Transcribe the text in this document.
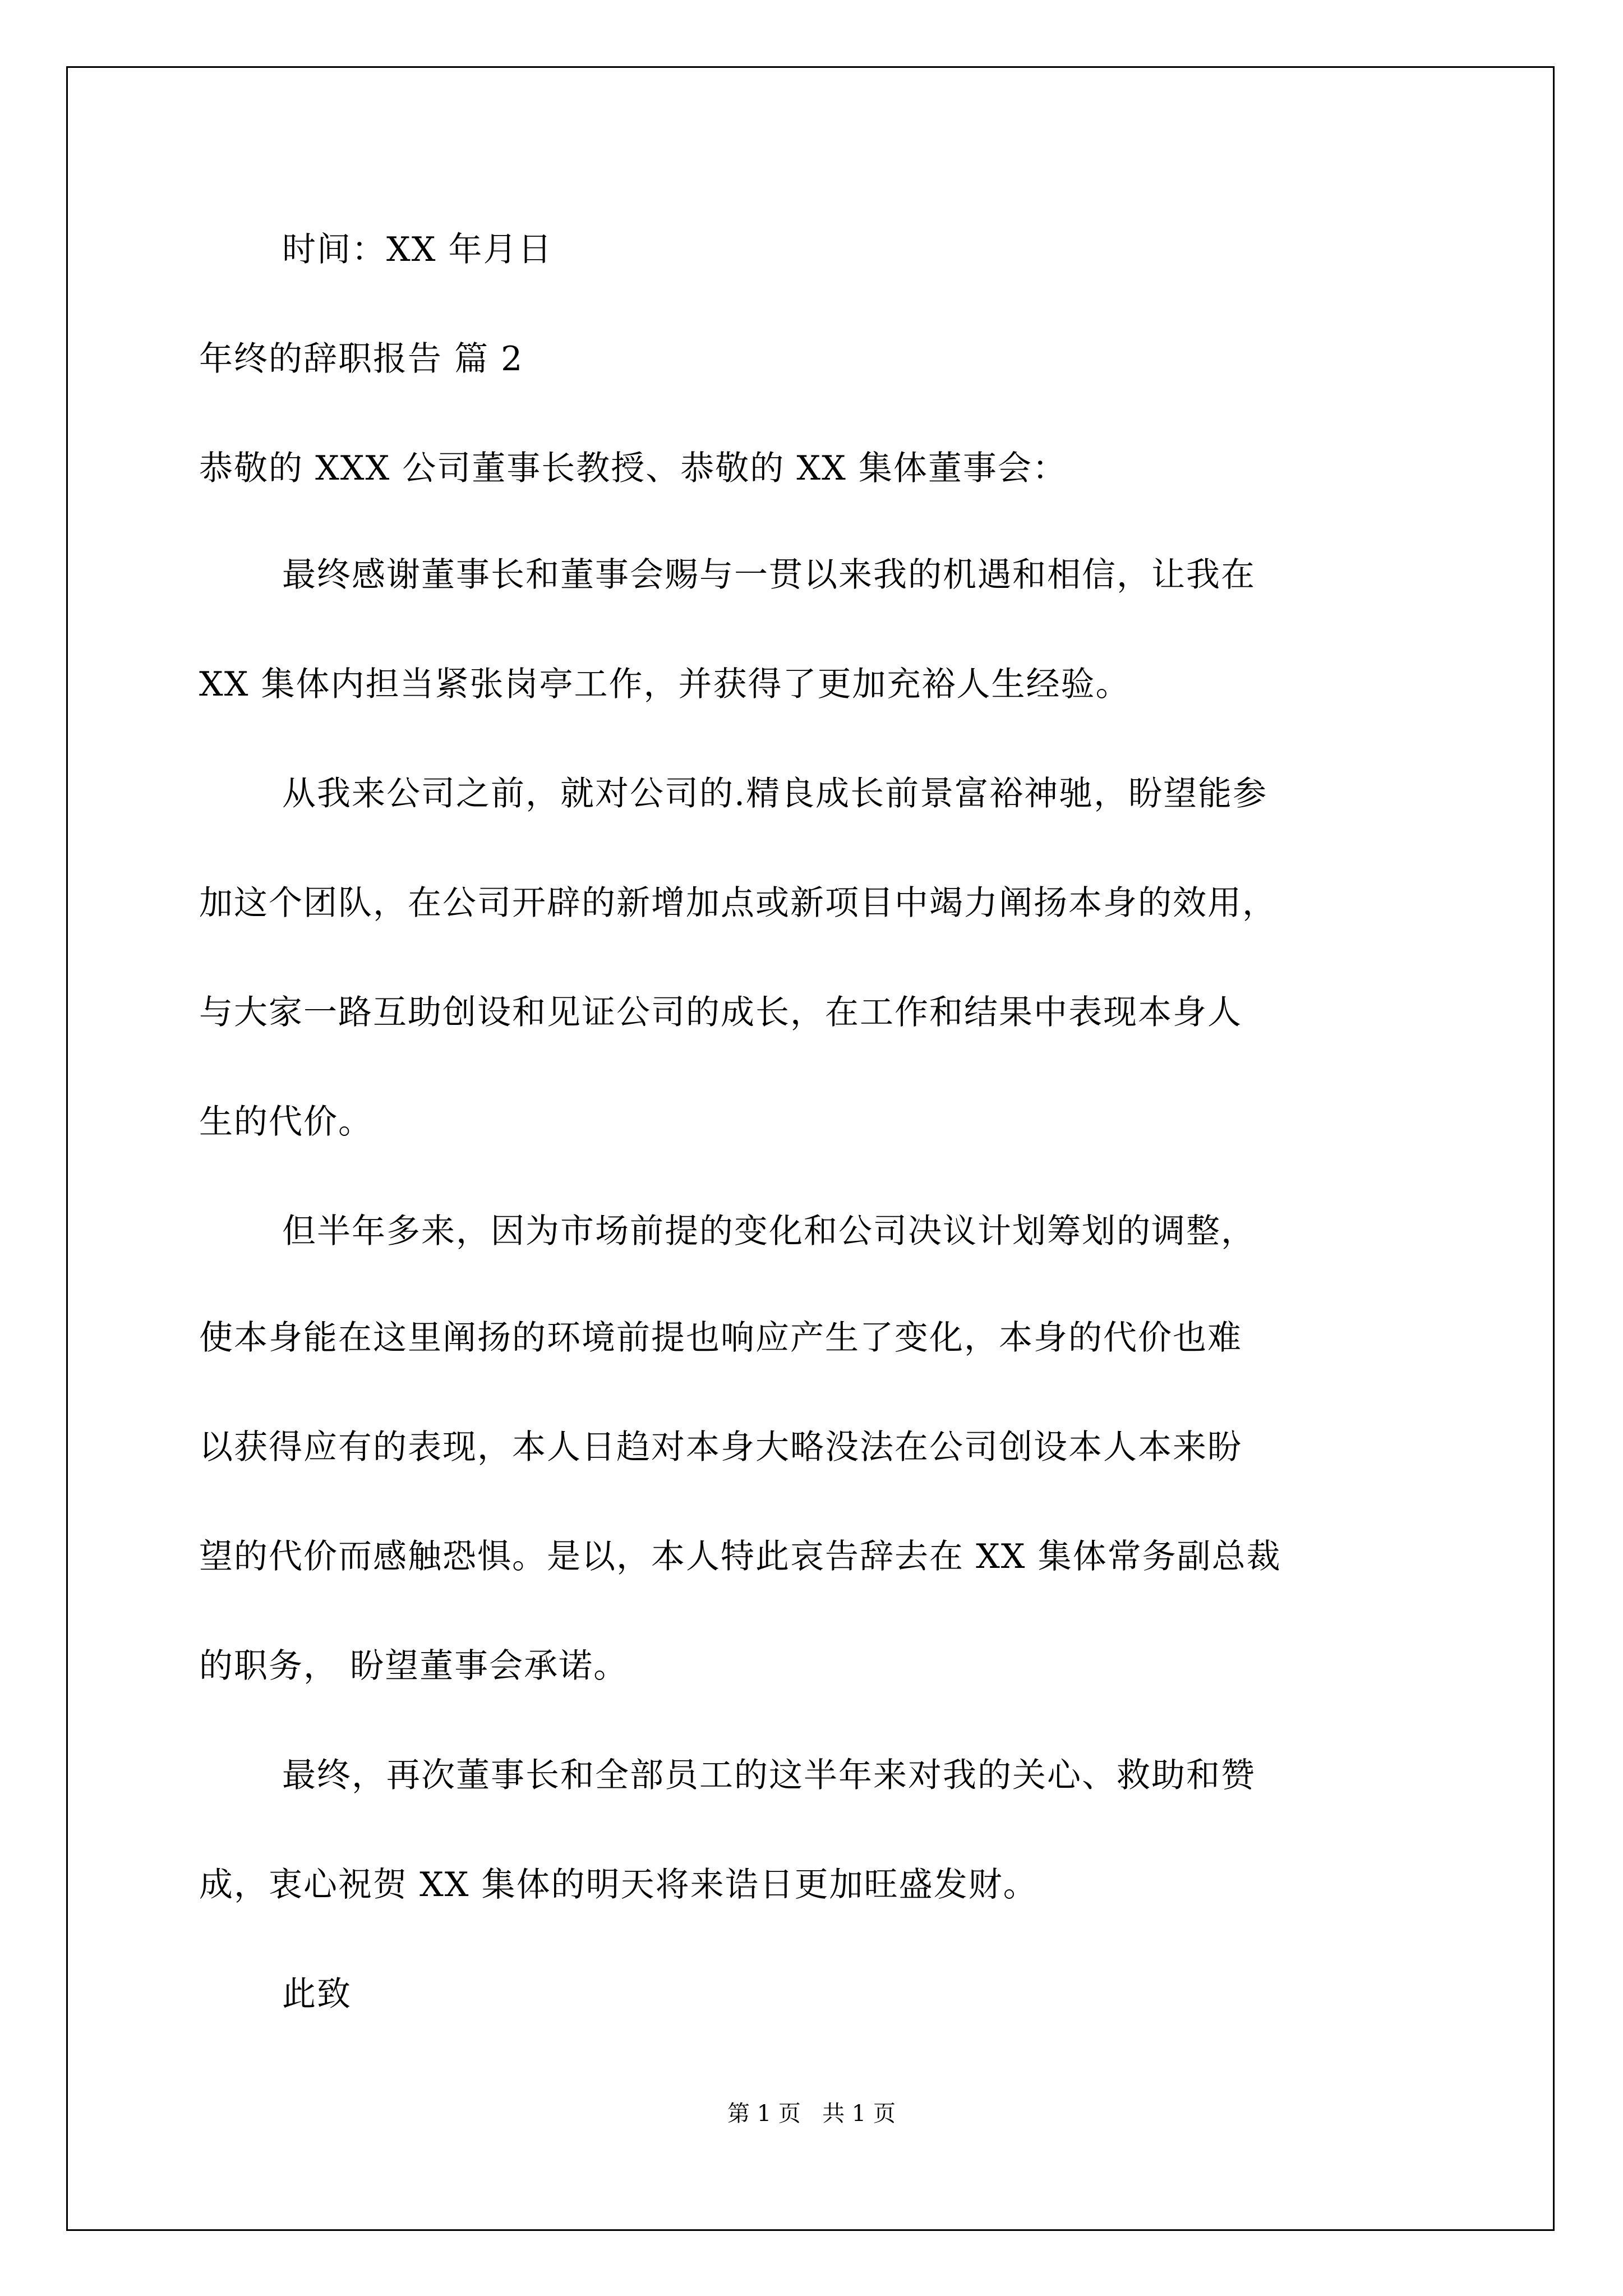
时间：XX 年月日
年终的辞职报告 篇 2
恭敬的 XXX 公司董事长教授、恭敬的 XX 集体董事会：
最终感谢董事长和董事会赐与一贯以来我的机遇和相信，让我在
XX 集体内担当紧张岗亭工作，并获得了更加充裕人生经验。
从我来公司之前，就对公司的.精良成长前景富裕神驰，盼望能参
加这个团队，在公司开辟的新增加点或新项目中竭力阐扬本身的效用，
与大家一路互助创设和见证公司的成长，在工作和结果中表现本身人
生的代价。
但半年多来，因为市场前提的变化和公司决议计划筹划的调整，
使本身能在这里阐扬的环境前提也响应产生了变化，本身的代价也难
以获得应有的表现，本人日趋对本身大略没法在公司创设本人本来盼
望的代价而感触恐惧。是以，本人特此哀告辞去在 XX 集体常务副总裁
的职务， 盼望董事会承诺。
最终，再次董事长和全部员工的这半年来对我的关心、救助和赞
成，衷心祝贺 XX 集体的明天将来诰日更加旺盛发财。
此致
第 1 页   共 1 页
